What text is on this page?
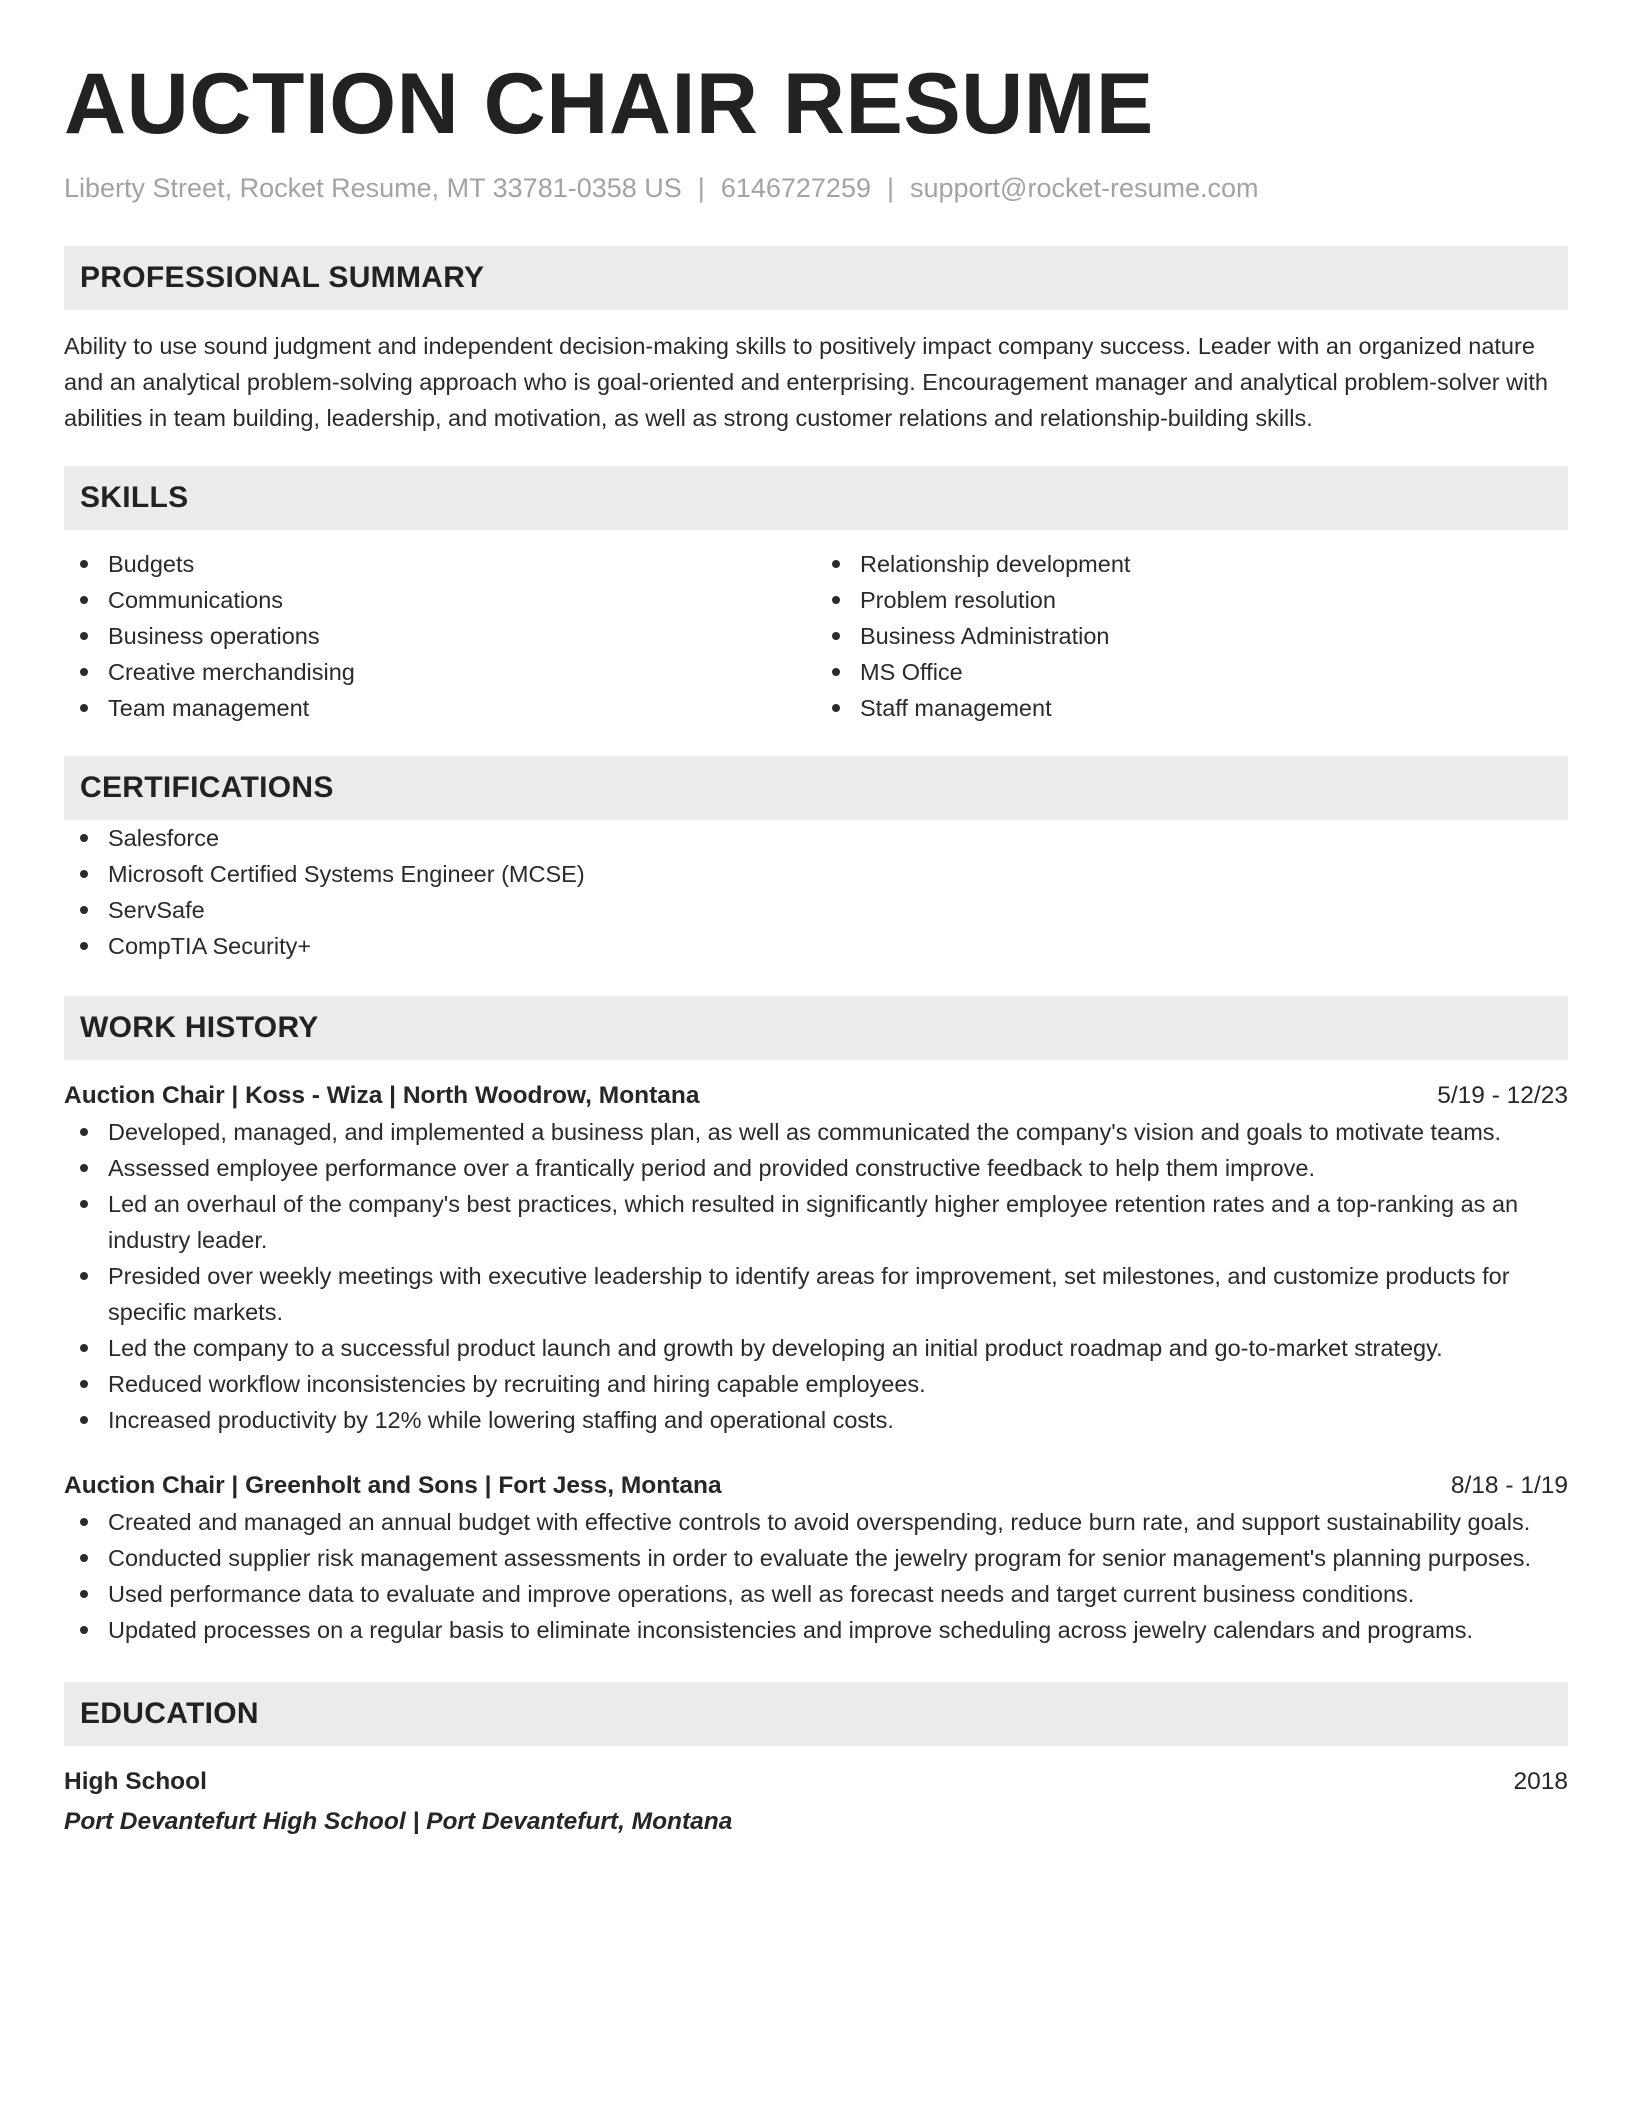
AUCTION CHAIR RESUME
Liberty Street, Rocket Resume, MT 33781-0358 US | 6146727259 | support@rocket-resume.com
PROFESSIONAL SUMMARY
Ability to use sound judgment and independent decision-making skills to positively impact company success. Leader with an organized nature and an analytical problem-solving approach who is goal-oriented and enterprising. Encouragement manager and analytical problem-solver with abilities in team building, leadership, and motivation, as well as strong customer relations and relationship-building skills.
SKILLS
Budgets
Communications
Business operations
Creative merchandising
Team management
Relationship development
Problem resolution
Business Administration
MS Office
Staff management
CERTIFICATIONS
Salesforce
Microsoft Certified Systems Engineer (MCSE)
ServSafe
CompTIA Security+
WORK HISTORY
Auction Chair | Koss - Wiza | North Woodrow, Montana	5/19 - 12/23
Developed, managed, and implemented a business plan, as well as communicated the company's vision and goals to motivate teams.
Assessed employee performance over a frantically period and provided constructive feedback to help them improve.
Led an overhaul of the company's best practices, which resulted in significantly higher employee retention rates and a top-ranking as an industry leader.
Presided over weekly meetings with executive leadership to identify areas for improvement, set milestones, and customize products for specific markets.
Led the company to a successful product launch and growth by developing an initial product roadmap and go-to-market strategy.
Reduced workflow inconsistencies by recruiting and hiring capable employees.
Increased productivity by 12% while lowering staffing and operational costs.
Auction Chair | Greenholt and Sons | Fort Jess, Montana	8/18 - 1/19
Created and managed an annual budget with effective controls to avoid overspending, reduce burn rate, and support sustainability goals.
Conducted supplier risk management assessments in order to evaluate the jewelry program for senior management's planning purposes.
Used performance data to evaluate and improve operations, as well as forecast needs and target current business conditions.
Updated processes on a regular basis to eliminate inconsistencies and improve scheduling across jewelry calendars and programs.
EDUCATION
High School	2018
Port Devantefurt High School | Port Devantefurt, Montana
